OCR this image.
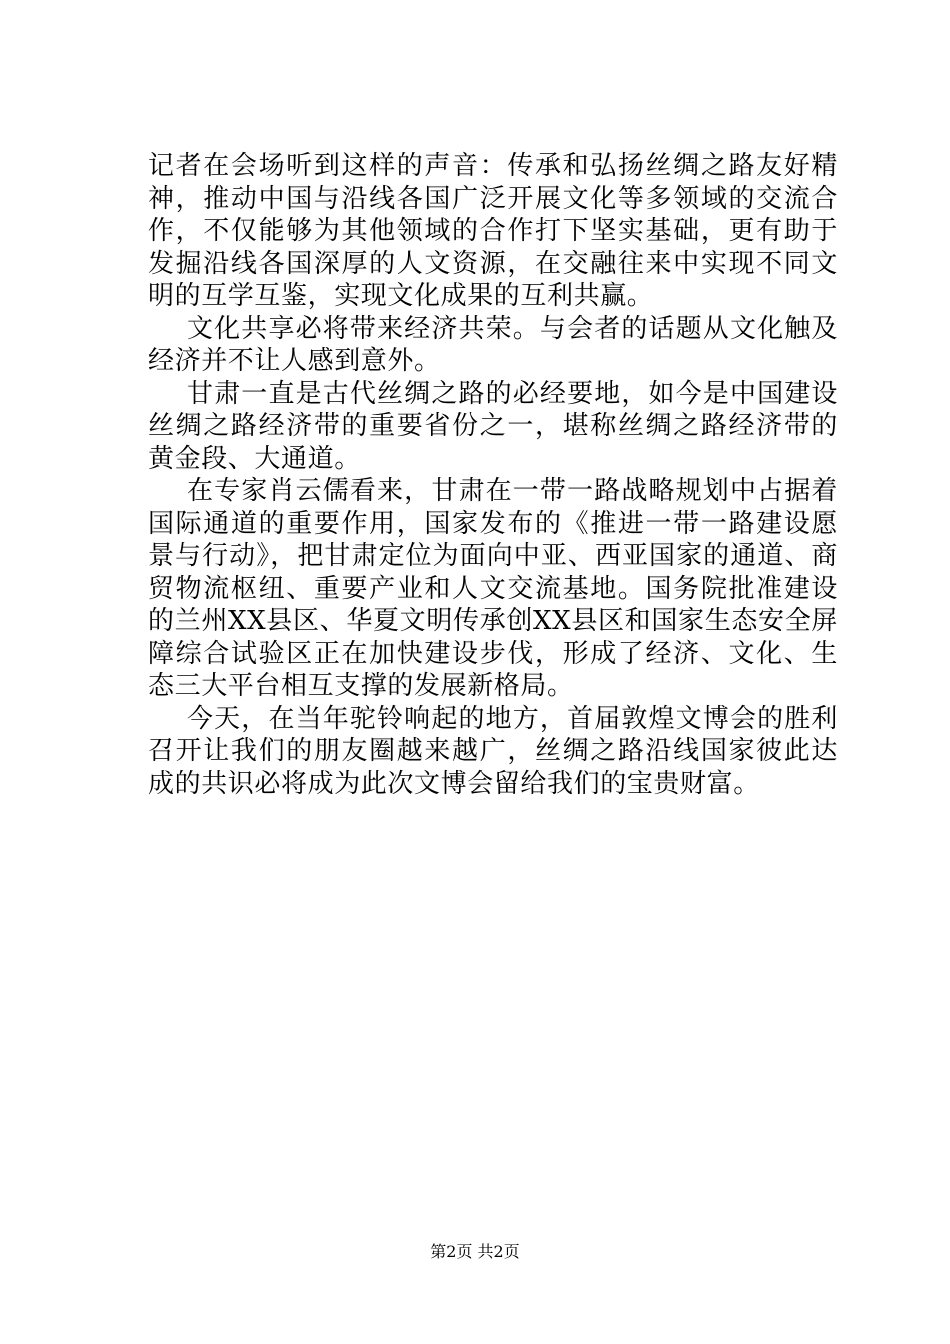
记者在会场听到这样的声音：传承和弘扬丝绸之路友好精神，推动中国与沿线各国广泛开展文化等多领域的交流合作，不仅能够为其他领域的合作打下坚实基础，更有助于发掘沿线各国深厚的人文资源，在交融往来中实现不同文明的互学互鉴，实现文化成果的互利共赢。

文化共享必将带来经济共荣。与会者的话题从文化触及经济并不让人感到意外。

甘肃一直是古代丝绸之路的必经要地，如今是中国建设丝绸之路经济带的重要省份之一，堪称丝绸之路经济带的黄金段、大通道。

在专家肖云儒看来，甘肃在一带一路战略规划中占据着国际通道的重要作用，国家发布的《推进一带一路建设愿景与行动》，把甘肃定位为面向中亚、西亚国家的通道、商贸物流枢纽、重要产业和人文交流基地。国务院批准建设的兰州XX县区、华夏文明传承创XX县区和国家生态安全屏障综合试验区正在加快建设步伐，形成了经济、文化、生态三大平台相互支撑的发展新格局。

今天，在当年驼铃响起的地方，首届敦煌文博会的胜利召开让我们的朋友圈越来越广，丝绸之路沿线国家彼此达成的共识必将成为此次文博会留给我们的宝贵财富。

第2页 共2页
